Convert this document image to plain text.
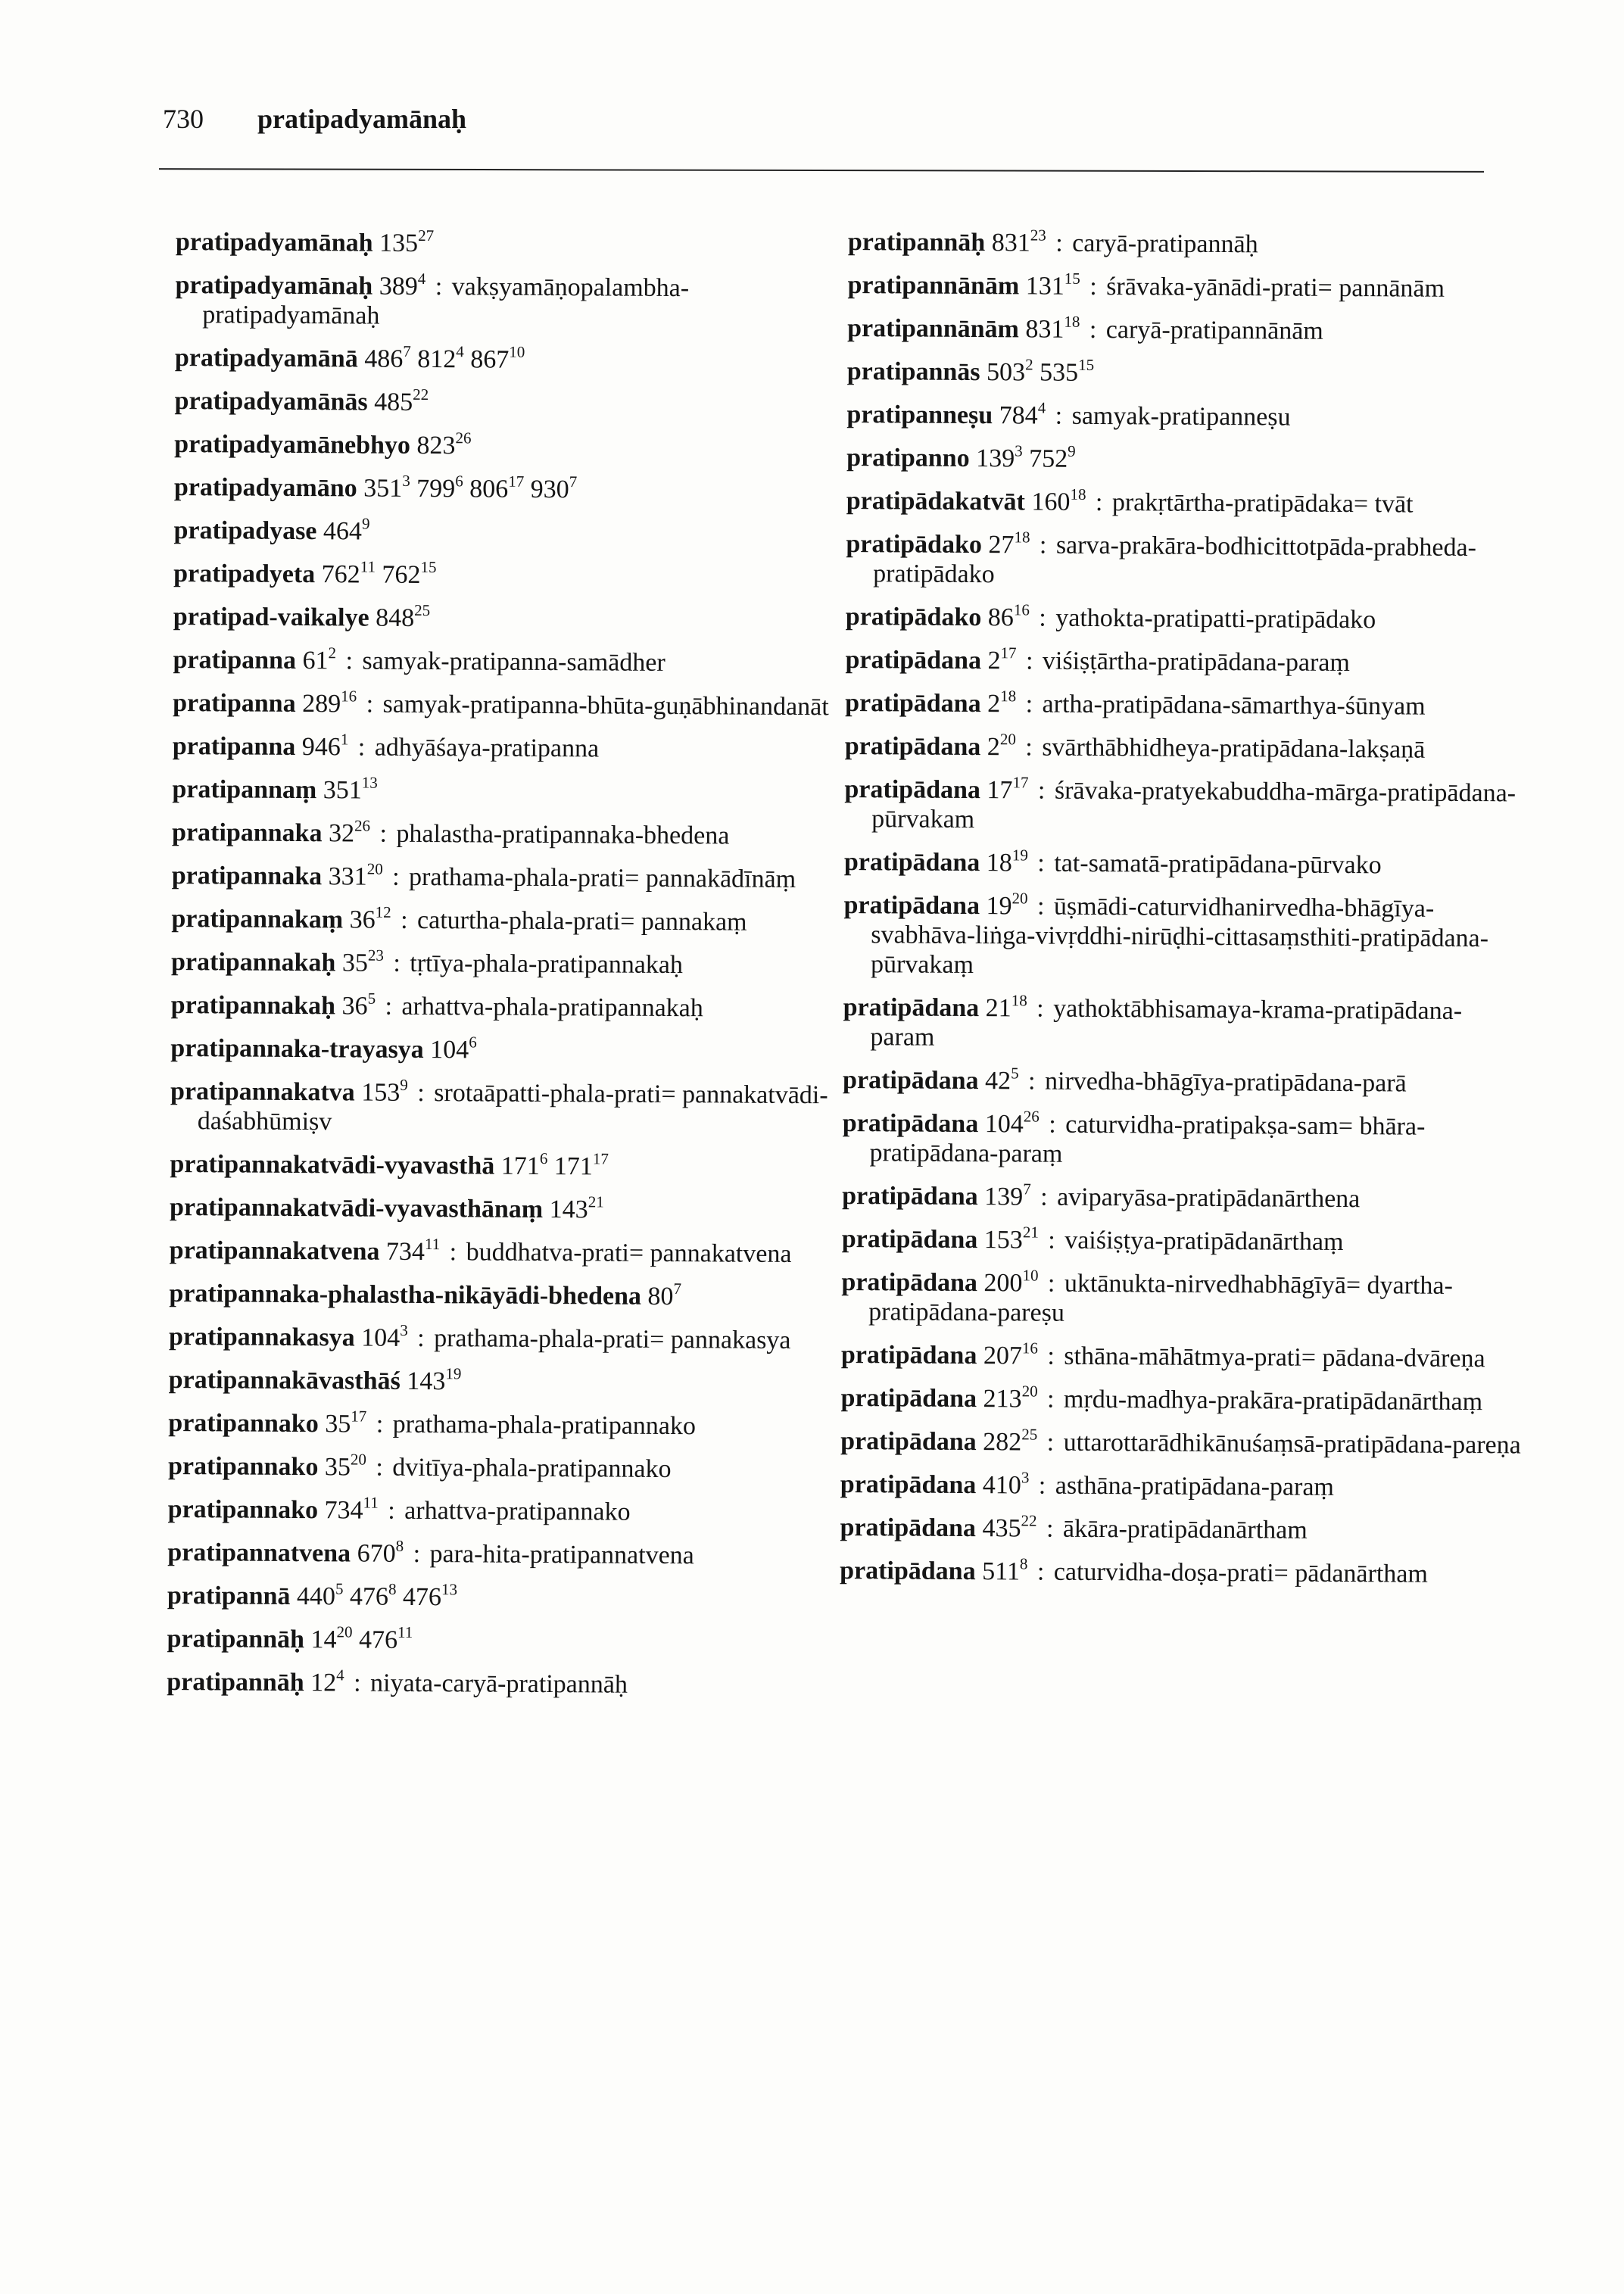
730 pratipadyamānaḥ
pratipadyamānaḥ $135^{27}$
pratipadyamānaḥ $389^4$ : vakṣyamāṇopalambha-pratipadyamānaḥ
pratipadyamānā $486^7$ $812^4$ $867^{10}$
pratipadyamānās $485^{22}$
pratipadyamānebhyo $823^{26}$
pratipadyamāno $351^3$ $799^6$ $806^{17}$ $930^7$
pratipadyase $464^9$
pratipadyeta $762^{11}$ $762^{15}$
pratipad-vaikalye $848^{25}$
pratipanna $61^2$ : samyak-pratipanna-samādher
pratipanna $289^{16}$ : samyak-pratipanna-bhūta-guṇābhinandanāt
pratipanna $946^1$ : adhyāśaya-pratipanna
pratipannaṃ $351^{13}$
pratipannaka $32^{26}$ : phalastha-pratipannaka-bhedena
pratipannaka $331^{20}$ : prathama-phala-prati= pannakādīnāṃ
pratipannakaṃ $36^{12}$ : caturtha-phala-prati= pannakaṃ
pratipannakaḥ $35^{23}$ : tṛtīya-phala-pratipannakaḥ
pratipannakaḥ $36^5$ : arhattva-phala-pratipannakaḥ
pratipannaka-trayasya $104^6$
pratipannakatva $153^9$ : srotaāpatti-phala-prati= pannakatvādi-daśabhūmiṣv
pratipannakatvādi-vyavasthā $171^6$ $171^{17}$
pratipannakatvādi-vyavasthānaṃ $143^{21}$
pratipannakatvena $734^{11}$ : buddhatva-prati= pannakatvena
pratipannaka-phalastha-nikāyādi-bhedena $80^7$
pratipannakasya $104^3$ : prathama-phala-prati= pannakasya
pratipannakāvasthāś $143^{19}$
pratipannako $35^{17}$ : prathama-phala-pratipannako
pratipannako $35^{20}$ : dvitīya-phala-pratipannako
pratipannako $734^{11}$ : arhattva-pratipannako
pratipannatvena $670^8$ : para-hita-pratipannatvena
pratipannā $440^5$ $476^8$ $476^{13}$
pratipannāḥ $14^{20}$ $476^{11}$
pratipannāḥ $12^4$ : niyata-caryā-pratipannāḥ
pratipannāḥ $831^{23}$ : caryā-pratipannāḥ
pratipannānām $131^{15}$ : śrāvaka-yānādi-prati= pannānām
pratipannānām $831^{18}$ : caryā-pratipannānām
pratipannās $503^2$ $535^{15}$
pratipanneṣu $784^4$ : samyak-pratipanneṣu
pratipanno $139^3$ $752^9$
pratipādakatvāt $160^{18}$ : prakṛtārtha-pratipādaka= tvāt
pratipādako $27^{18}$ : sarva-prakāra-bodhicittotpāda-prabheda-pratipādako
pratipādako $86^{16}$ : yathokta-pratipatti-pratipādako
pratipādana $2^{17}$ : viśiṣṭārtha-pratipādana-paraṃ
pratipādana $2^{18}$ : artha-pratipādana-sāmarthya-śūnyam
pratipādana $2^{20}$ : svārthābhidheya-pratipādana-lakṣaṇā
pratipādana $17^{17}$ : śrāvaka-pratyekabuddha-mārga-pratipādana-pūrvakam
pratipādana $18^{19}$ : tat-samatā-pratipādana-pūrvako
pratipādana $19^{20}$ : ūṣmādi-caturvidhanirvedha-bhāgīya-svabhāva-liṅga-vivṛddhi-nirūḍhi-cittasaṃsthiti-pratipādana-pūrvakaṃ
pratipādana $21^{18}$ : yathoktābhisamaya-krama-pratipādana-param
pratipādana $42^5$ : nirvedha-bhāgīya-pratipādana-parā
pratipādana $104^{26}$ : caturvidha-pratipakṣa-sam= bhāra-pratipādana-paraṃ
pratipādana $139^7$ : aviparyāsa-pratipādanārthena
pratipādana $153^{21}$ : vaiśiṣṭya-pratipādanārthaṃ
pratipādana $200^{10}$ : uktānukta-nirvedhabhāgīyā= dyartha-pratipādana-pareṣu
pratipādana $207^{16}$ : sthāna-māhātmya-prati= pādana-dvāreṇa
pratipādana $213^{20}$ : mṛdu-madhya-prakāra-pratipādanārthaṃ
pratipādana $282^{25}$ : uttarottarādhikānuśaṃsā-pratipādana-pareṇa
pratipādana $410^3$ : asthāna-pratipādana-paraṃ
pratipādana $435^{22}$ : ākāra-pratipādanārtham
pratipādana $511^8$ : caturvidha-doṣa-prati= pādanārtham
